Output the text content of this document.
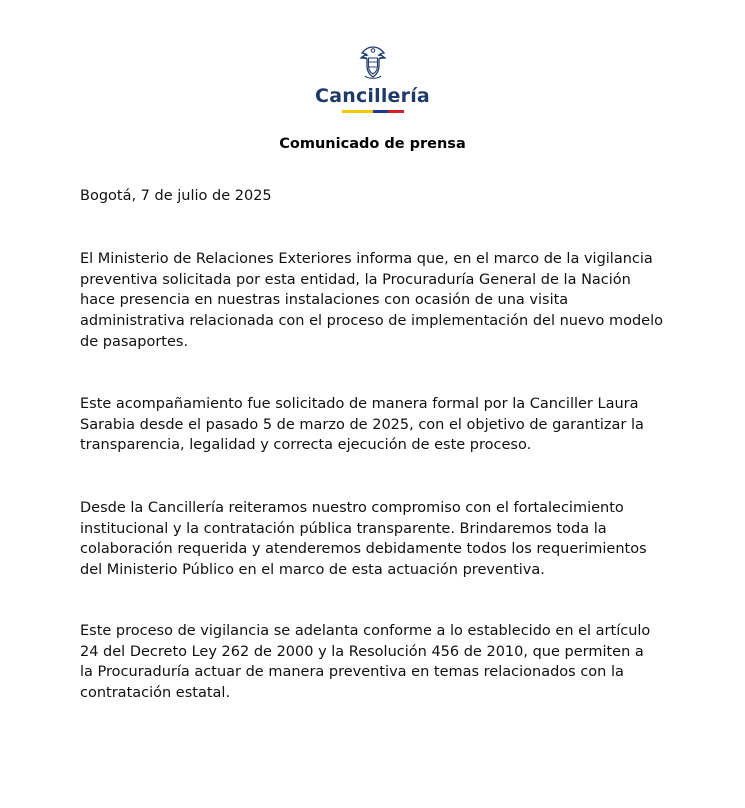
Cancillería
Comunicado de prensa
Bogotá, 7 de julio de 2025

El Ministerio de Relaciones Exteriores informa que, en el marco de la vigilancia
preventiva solicitada por esta entidad, la Procuraduría General de la Nación
hace presencia en nuestras instalaciones con ocasión de una visita
administrativa relacionada con el proceso de implementación del nuevo modelo
de pasaportes.

Este acompañamiento fue solicitado de manera formal por la Canciller Laura
Sarabia desde el pasado 5 de marzo de 2025, con el objetivo de garantizar la
transparencia, legalidad y correcta ejecución de este proceso.

Desde la Cancillería reiteramos nuestro compromiso con el fortalecimiento
institucional y la contratación pública transparente. Brindaremos toda la
colaboración requerida y atenderemos debidamente todos los requerimientos
del Ministerio Público en el marco de esta actuación preventiva.

Este proceso de vigilancia se adelanta conforme a lo establecido en el artículo
24 del Decreto Ley 262 de 2000 y la Resolución 456 de 2010, que permiten a
la Procuraduría actuar de manera preventiva en temas relacionados con la
contratación estatal.
